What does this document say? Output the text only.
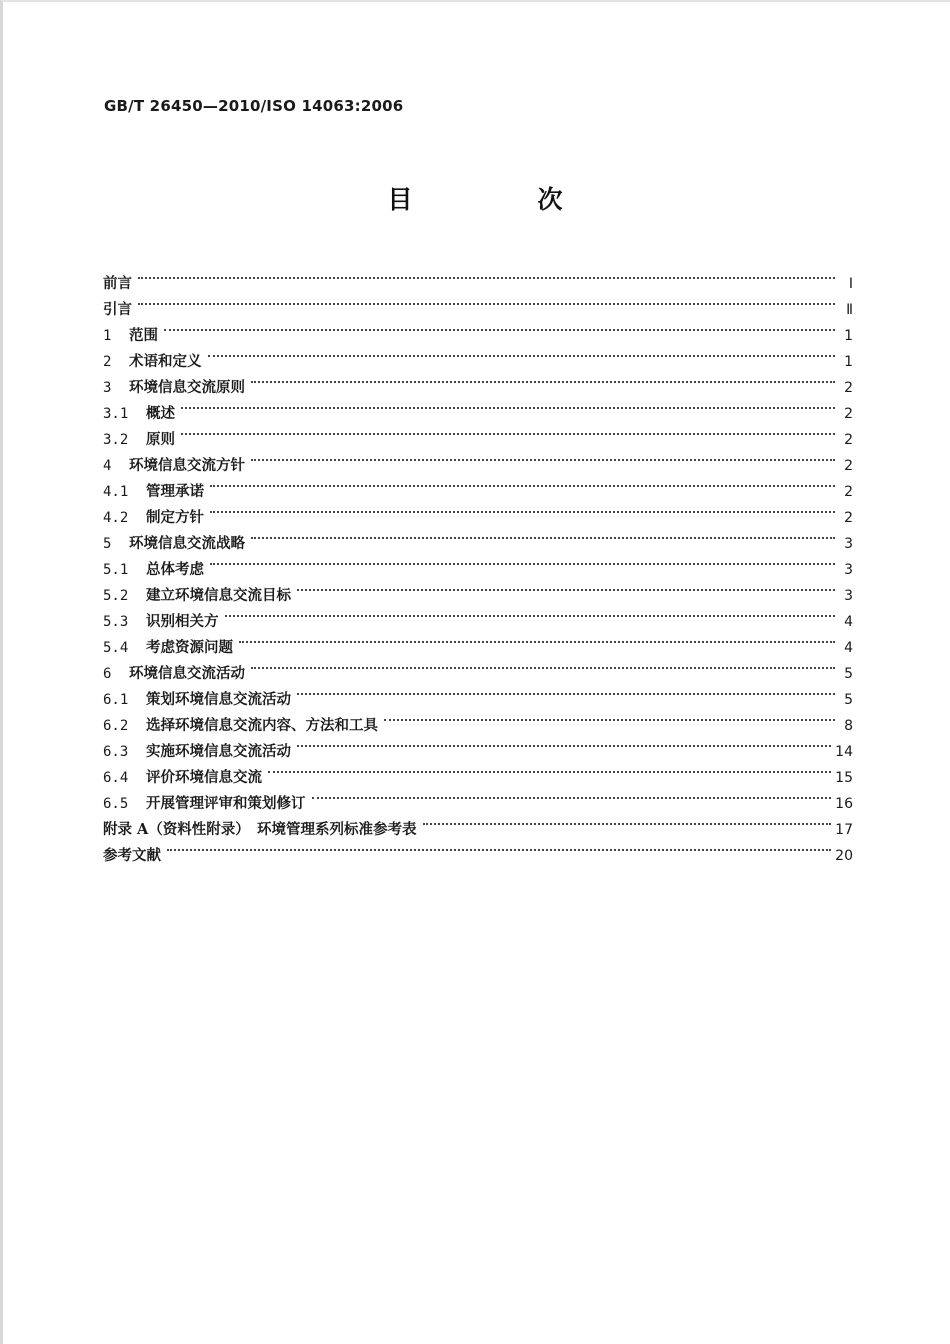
GB/T 26450—2010/ISO 14063:2006
目　次
前言	Ⅰ
引言	Ⅱ
1	范围	1
2	术语和定义	1
3	环境信息交流原则	2
3.1	概述	2
3.2	原则	2
4	环境信息交流方针	2
4.1	管理承诺	2
4.2	制定方针	2
5	环境信息交流战略	3
5.1	总体考虑	3
5.2	建立环境信息交流目标	3
5.3	识别相关方	4
5.4	考虑资源问题	4
6	环境信息交流活动	5
6.1	策划环境信息交流活动	5
6.2	选择环境信息交流内容、方法和工具	8
6.3	实施环境信息交流活动	14
6.4	评价环境信息交流	15
6.5	开展管理评审和策划修订	16
附录 A（资料性附录）　环境管理系列标准参考表	17
参考文献	20
